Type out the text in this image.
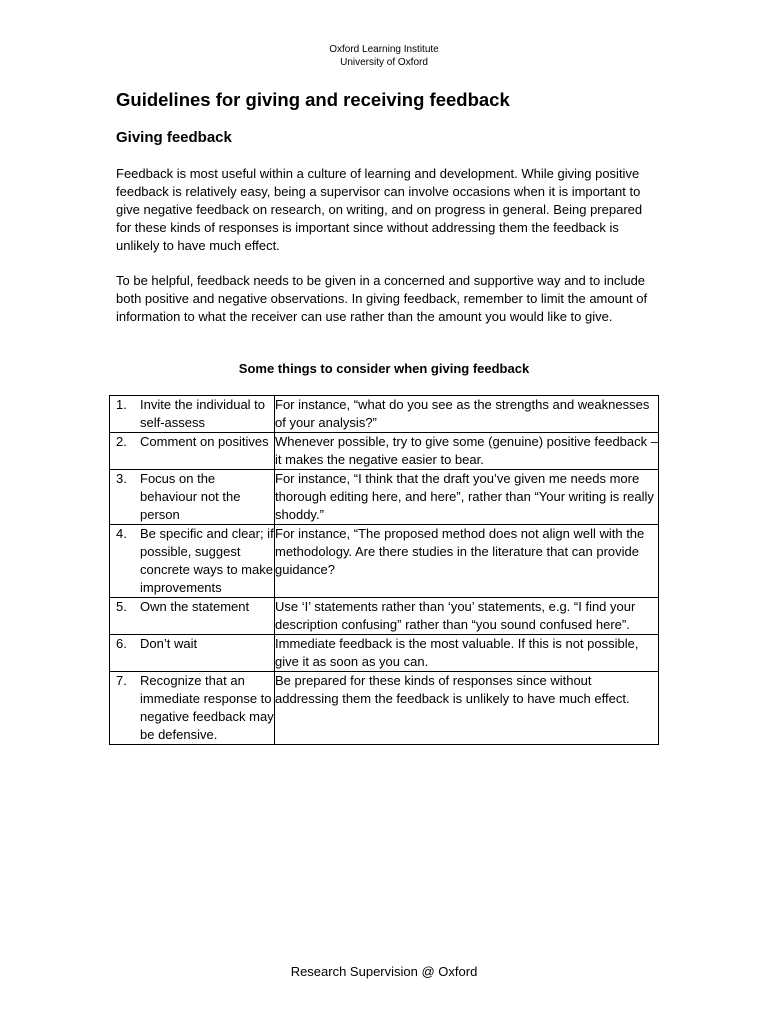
Oxford Learning Institute
University of Oxford
Guidelines for giving and receiving feedback
Giving feedback

Feedback is most useful within a culture of learning and development. While giving positive feedback is relatively easy, being a supervisor can involve occasions when it is important to give negative feedback on research, on writing, and on progress in general. Being prepared for these kinds of responses is important since without addressing them the feedback is unlikely to have much effect.

To be helpful, feedback needs to be given in a concerned and supportive way and to include both positive and negative observations. In giving feedback, remember to limit the amount of information to what the receiver can use rather than the amount you would like to give.

Some things to consider when giving feedback
1. Invite the individual to self-assess	For instance, “what do you see as the strengths and weaknesses of your analysis?”

2. Comment on positives	Whenever possible, try to give some (genuine) positive feedback – it makes the negative easier to bear.

3. Focus on the behaviour not the person	For instance, “I think that the draft you’ve given me needs more thorough editing here, and here”, rather than “Your writing is really shoddy.”

4. Be specific and clear; if possible, suggest concrete ways to make improvements	For instance, “The proposed method does not align well with the methodology. Are there studies in the literature that can provide guidance?

5. Own the statement	Use ‘I’ statements rather than ‘you’ statements, e.g. “I find your description confusing” rather than “you sound confused here”.

6. Don’t wait	Immediate feedback is the most valuable. If this is not possible, give it as soon as you can.

7. Recognize that an immediate response to negative feedback may be defensive.	Be prepared for these kinds of responses since without addressing them the feedback is unlikely to have much effect.
Research Supervision @ Oxford
